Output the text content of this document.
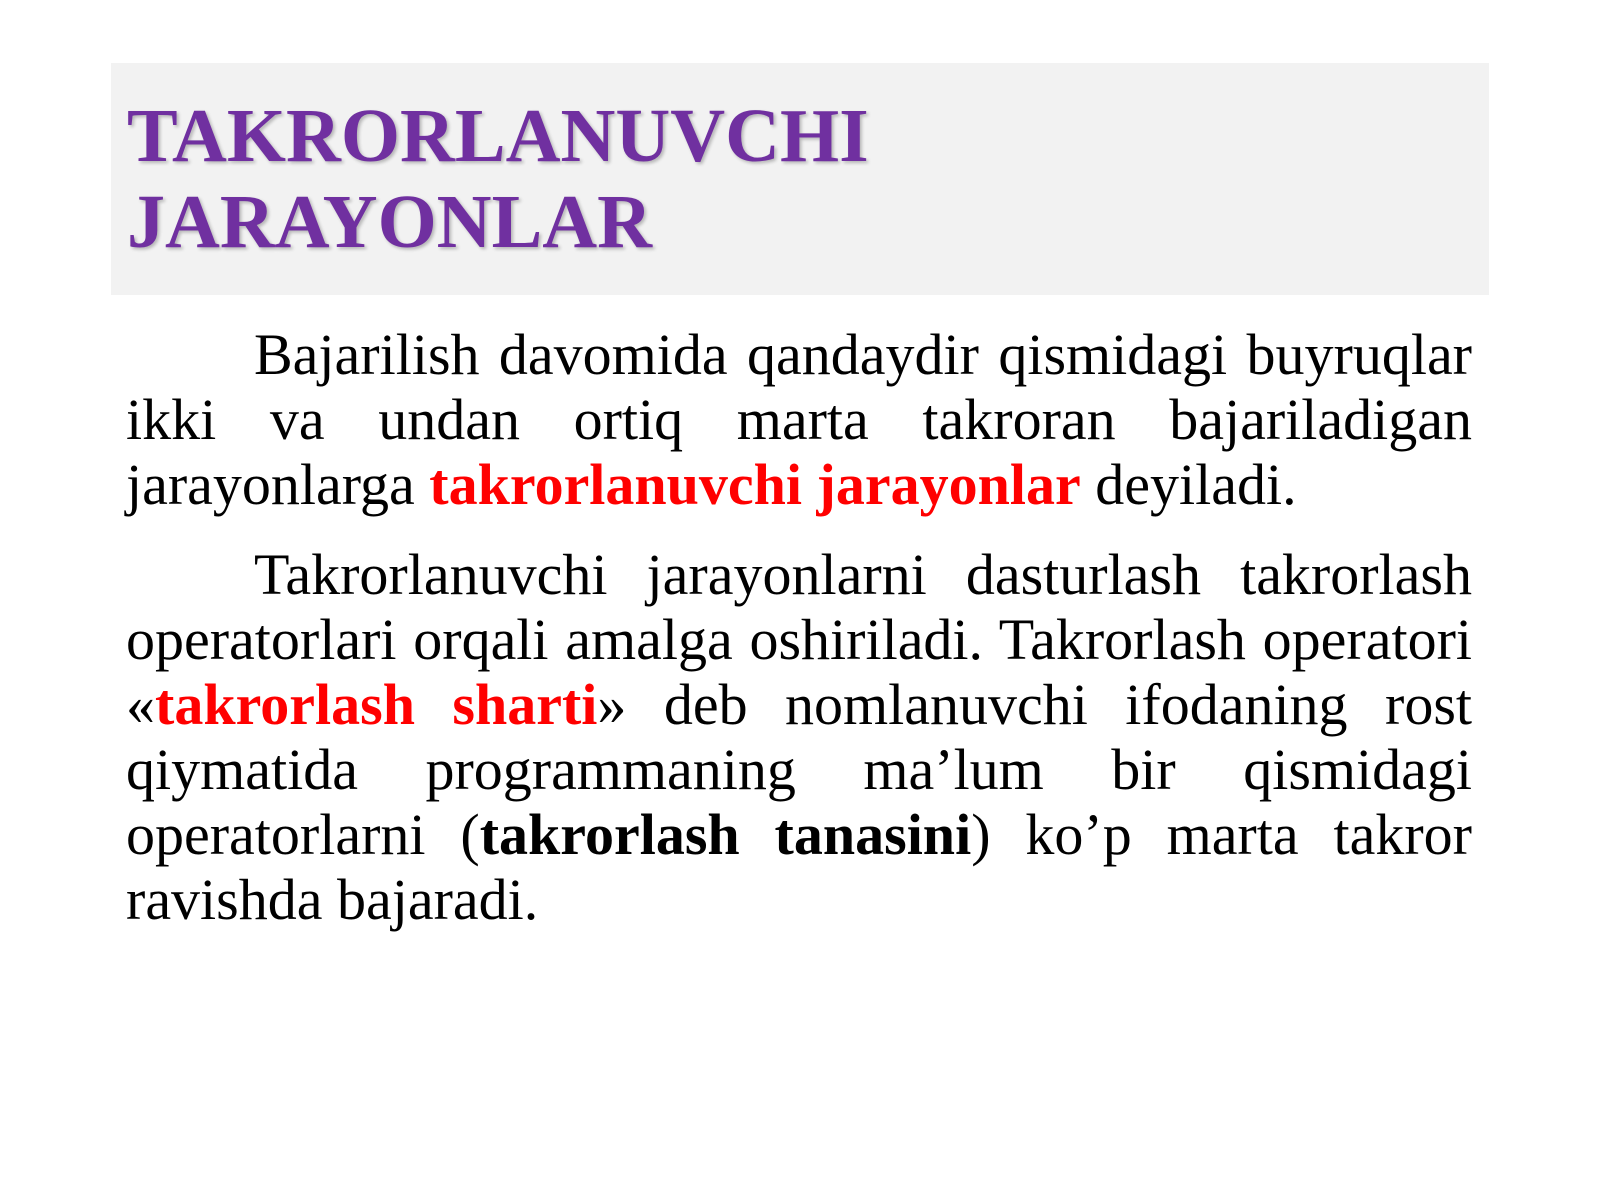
TAKRORLANUVCHI
JARAYONLAR

Bajarilish davomida qandaydir qismidagi buyruqlar ikki va undan ortiq marta takroran bajariladigan jarayonlarga takrorlanuvchi jarayonlar deyiladi.

Takrorlanuvchi jarayonlarni dasturlash takrorlash operatorlari orqali amalga oshiriladi. Takrorlash operatori «takrorlash sharti» deb nomlanuvchi ifodaning rost qiymatida programmaning ma’lum bir qismidagi operatorlarni (takrorlash tanasini) ko’p marta takror ravishda bajaradi.
